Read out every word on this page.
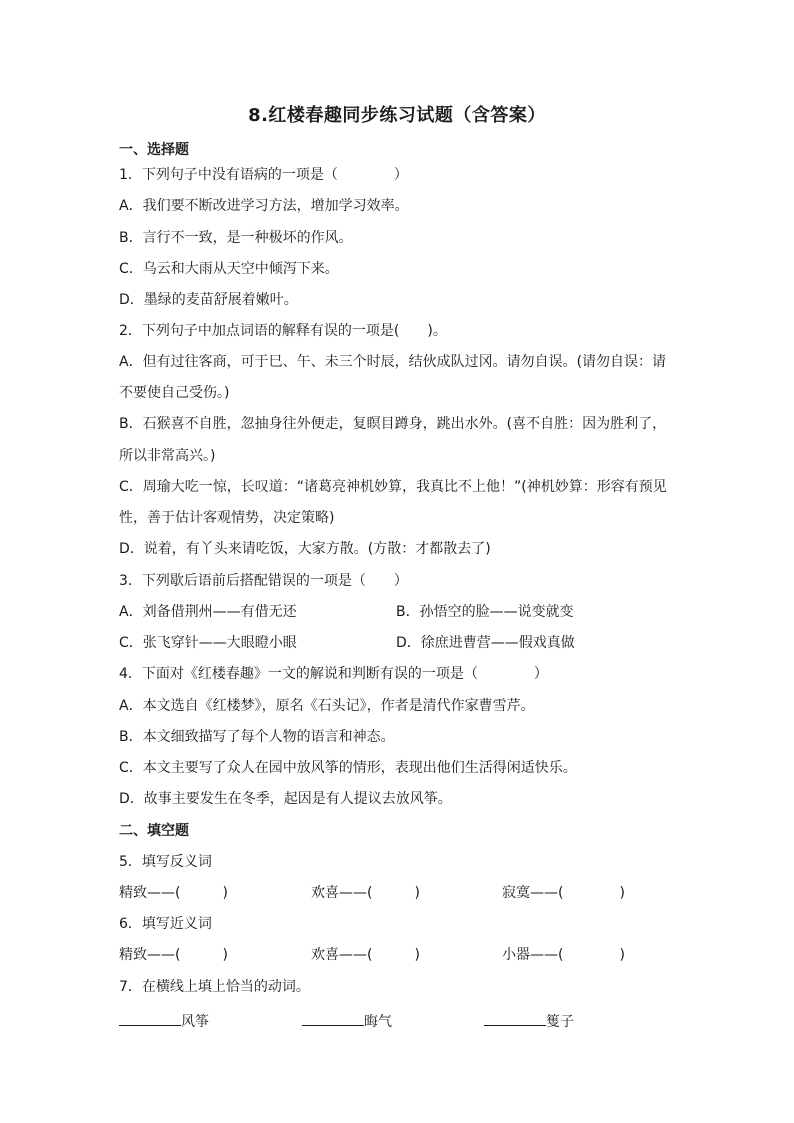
8.红楼春趣同步练习试题（含答案）
一、选择题
1．下列句子中没有语病的一项是（　　　　）
A．我们要不断改进学习方法，增加学习效率。
B．言行不一致，是一种极坏的作风。
C．乌云和大雨从天空中倾泻下来。
D．墨绿的麦苗舒展着嫩叶。
2．下列句子中加点词语的解释有误的一项是(　　)。
A．但有过往客商，可于巳、午、未三个时辰，结伙成队过冈。请勿自误。(请勿自误：请
不要使自己受伤。)
B．石猴喜不自胜，忽抽身往外便走，复瞑目蹲身，跳出水外。(喜不自胜：因为胜利了，
所以非常高兴。)
C．周瑜大吃一惊，长叹道：“诸葛亮神机妙算，我真比不上他！”(神机妙算：形容有预见
性，善于估计客观情势，决定策略)
D．说着，有丫头来请吃饭，大家方散。(方散：才都散去了)
3．下列歇后语前后搭配错误的一项是（　　）
A．刘备借荆州——有借无还	B．孙悟空的脸——说变就变
C．张飞穿针——大眼瞪小眼	D．徐庶进曹营——假戏真做
4．下面对《红楼春趣》一文的解说和判断有误的一项是（　　　　）
A．本文选自《红楼梦》，原名《石头记》，作者是清代作家曹雪芹。
B．本文细致描写了每个人物的语言和神态。
C．本文主要写了众人在园中放风筝的情形，表现出他们生活得闲适快乐。
D．故事主要发生在冬季，起因是有人提议去放风筝。
二、填空题
5．填写反义词
精致——(　　　)	欢喜——(　　　)	寂寞——(　　　　)
6．填写近义词
精致——(　　　)	欢喜——(　　　)	小器——(　　　　)
7．在横线上填上恰当的动词。
风筝	晦气	篗子
